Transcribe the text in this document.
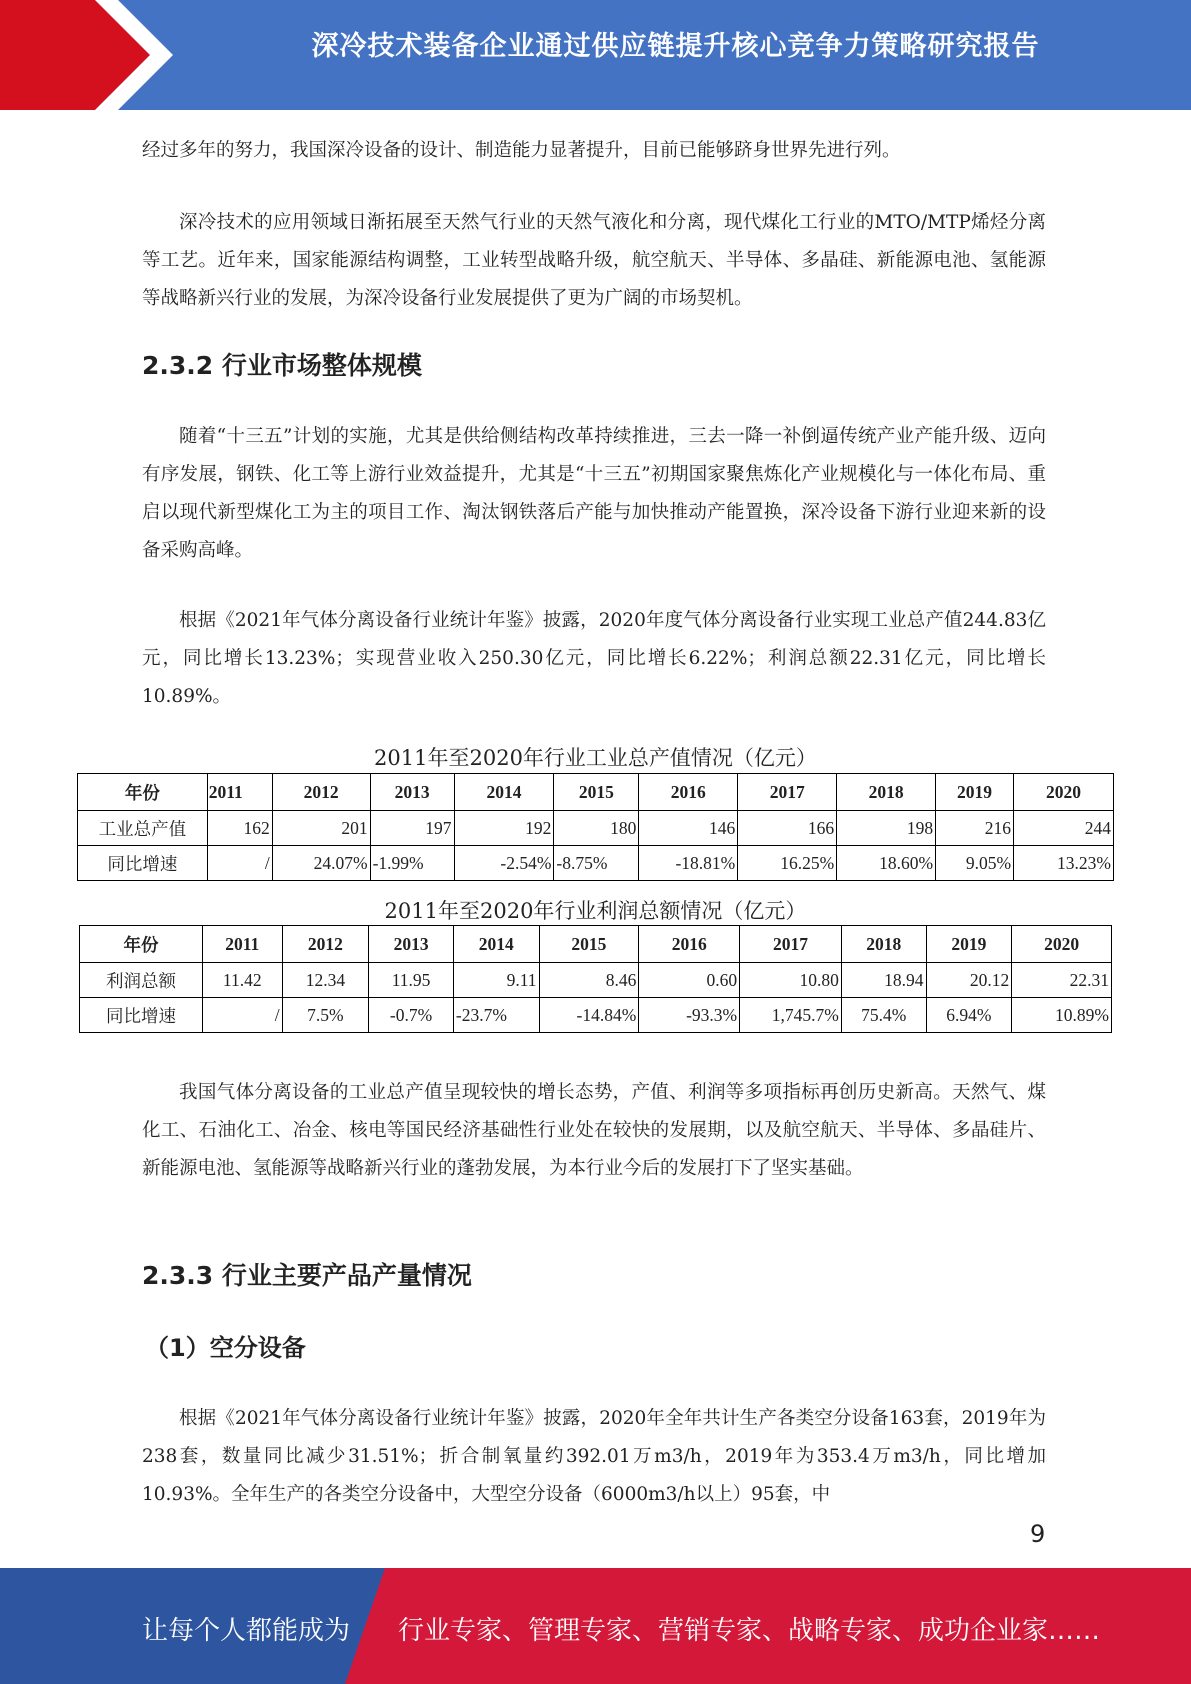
深冷技术装备企业通过供应链提升核心竞争力策略研究报告

经过多年的努力，我国深冷设备的设计、制造能力显著提升，目前已能够跻身世界先进行列。

深冷技术的应用领域日渐拓展至天然气行业的天然气液化和分离，现代煤化工行业的MTO/MTP烯烃分离等工艺。近年来，国家能源结构调整，工业转型战略升级，航空航天、半导体、多晶硅、新能源电池、氢能源等战略新兴行业的发展，为深冷设备行业发展提供了更为广阔的市场契机。

2.3.2 行业市场整体规模

随着“十三五”计划的实施，尤其是供给侧结构改革持续推进，三去一降一补倒逼传统产业产能升级、迈向有序发展，钢铁、化工等上游行业效益提升，尤其是“十三五”初期国家聚焦炼化产业规模化与一体化布局、重启以现代新型煤化工为主的项目工作、淘汰钢铁落后产能与加快推动产能置换，深冷设备下游行业迎来新的设备采购高峰。

根据《2021年气体分离设备行业统计年鉴》披露，2020年度气体分离设备行业实现工业总产值244.83亿元，同比增长13.23%；实现营业收入250.30亿元，同比增长6.22%；利润总额22.31亿元，同比增长10.89%。

2011年至2020年行业工业总产值情况（亿元）
年份	2011	2012	2013	2014	2015	2016	2017	2018	2019	2020
工业总产值	162	201	197	192	180	146	166	198	216	244
同比增速	/	24.07%	-1.99%	-2.54%	-8.75%	-18.81%	16.25%	18.60%	9.05%	13.23%
2011年至2020年行业利润总额情况（亿元）
年份	2011	2012	2013	2014	2015	2016	2017	2018	2019	2020
利润总额	11.42	12.34	11.95	9.11	8.46	0.60	10.80	18.94	20.12	22.31
同比增速	/	7.5%	-0.7%	-23.7%	-14.84%	-93.3%	1,745.7%	75.4%	6.94%	10.89%

我国气体分离设备的工业总产值呈现较快的增长态势，产值、利润等多项指标再创历史新高。天然气、煤化工、石油化工、冶金、核电等国民经济基础性行业处在较快的发展期，以及航空航天、半导体、多晶硅片、新能源电池、氢能源等战略新兴行业的蓬勃发展，为本行业今后的发展打下了坚实基础。

2.3.3 行业主要产品产量情况
（1）空分设备

根据《2021年气体分离设备行业统计年鉴》披露，2020年全年共计生产各类空分设备163套，2019年为238套，数量同比减少31.51%；折合制氧量约392.01万m3/h，2019年为353.4万m3/h，同比增加10.93%。全年生产的各类空分设备中，大型空分设备（6000m3/h以上）95套，中

9
让每个人都能成为 行业专家、管理专家、营销专家、战略专家、成功企业家……
